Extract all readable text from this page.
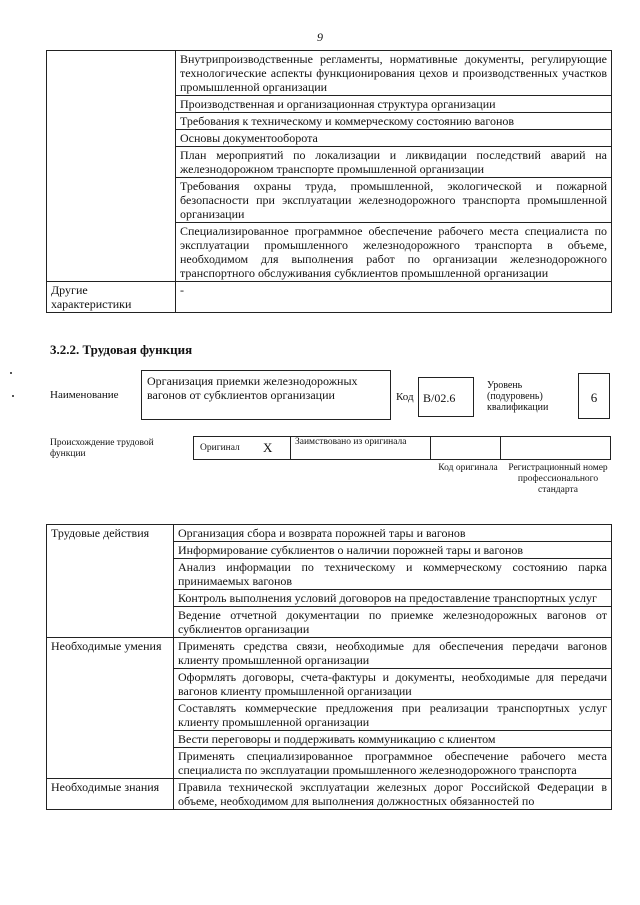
9
	Внутрипроизводственные регламенты, нормативные документы, регулирующие технологические аспекты функционирования цехов и производственных участков промышленной организации
	Производственная и организационная структура организации
	Требования к техническому и коммерческому состоянию вагонов
	Основы документооборота
	План мероприятий по локализации и ликвидации последствий аварий на железнодорожном транспорте промышленной организации
	Требования охраны труда, промышленной, экологической и пожарной безопасности при эксплуатации железнодорожного транспорта промышленной организации
	Специализированное программное обеспечение рабочего места специалиста по эксплуатации промышленного железнодорожного транспорта в объеме, необходимом для выполнения работ по организации железнодорожного транспортного обслуживания субклиентов промышленной организации
Другие характеристики	-
3.2.2. Трудовая функция
Наименование
Организация приемки железнодорожных вагонов от субклиентов организации	Код В/02.6
Уровень (подуровень) квалификации
6
Происхождение трудовой функции
Оригинал X Заимствовано из оригинала
Код оригинала	Регистрационный номер профессионального стандарта
Трудовые действия	Организация сбора и возврата порожней тары и вагонов
	Информирование субклиентов о наличии порожней тары и вагонов
	Анализ информации по техническому и коммерческому состоянию парка принимаемых вагонов
	Контроль выполнения условий договоров на предоставление транспортных услуг
	Ведение отчетной документации по приемке железнодорожных вагонов от субклиентов организации
Необходимые умения	Применять средства связи, необходимые для обеспечения передачи вагонов клиенту промышленной организации
	Оформлять договоры, счета-фактуры и документы, необходимые для передачи вагонов клиенту промышленной организации
	Составлять коммерческие предложения при реализации транспортных услуг клиенту промышленной организации
	Вести переговоры и поддерживать коммуникацию с клиентом
	Применять специализированное программное обеспечение рабочего места специалиста по эксплуатации промышленного железнодорожного транспорта
Необходимые знания	Правила технической эксплуатации железных дорог Российской Федерации в объеме, необходимом для выполнения должностных обязанностей по
